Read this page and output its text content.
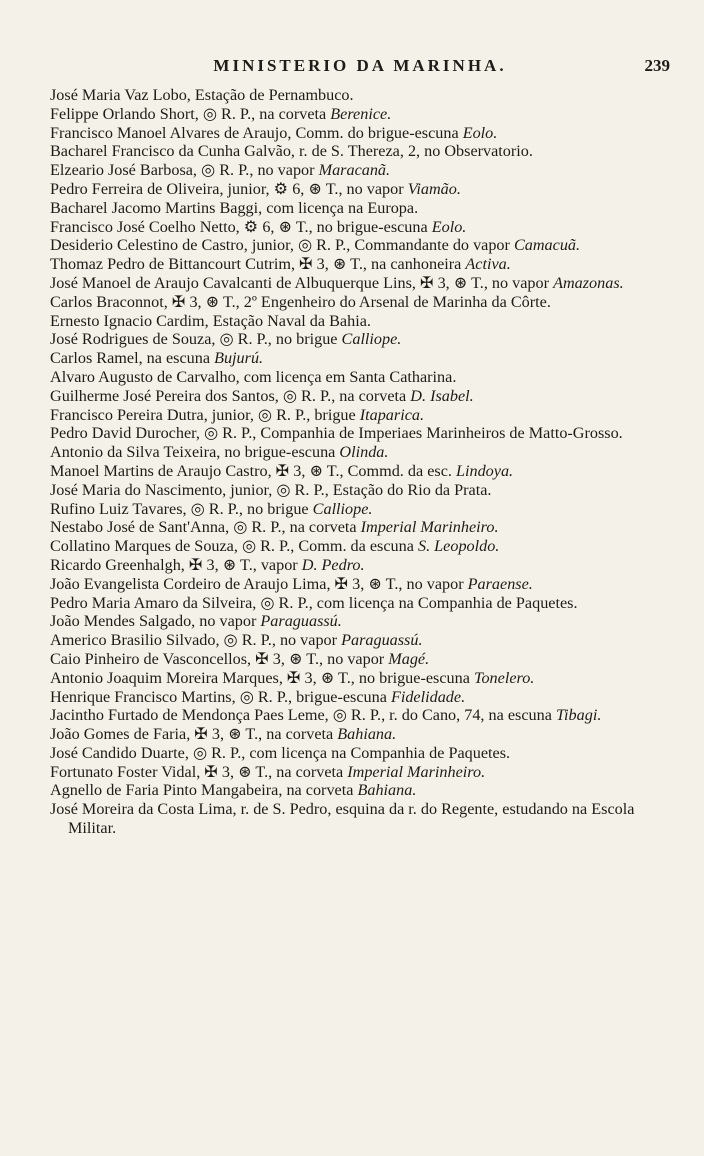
MINISTERIO DA MARINHA.	239
José Maria Vaz Lobo, Estação de Pernambuco.
Felippe Orlando Short, ◎ R. P., na corveta Berenice.
Francisco Manoel Alvares de Araujo, Comm. do brigue-escuna Eolo.
Bacharel Francisco da Cunha Galvão, r. de S. Thereza, 2, no Observatorio.
Elzeario José Barbosa, ◎ R. P., no vapor Maracanã.
Pedro Ferreira de Oliveira, junior, ⚙ 6, ⊛ T., no vapor Viamão.
Bacharel Jacomo Martins Baggi, com licença na Europa.
Francisco José Coelho Netto, ⚙ 6, ⊛ T., no brigue-escuna Eolo.
Desiderio Celestino de Castro, junior, ◎ R. P., Commandante do vapor Camacuã.
Thomaz Pedro de Bittancourt Cutrim, ✠ 3, ⊛ T., na canhoneira Activa.
José Manoel de Araujo Cavalcanti de Albuquerque Lins, ✠ 3, ⊛ T., no vapor Amazonas.
Carlos Braconnot, ✠ 3, ⊛ T., 2º Engenheiro do Arsenal de Marinha da Côrte.
Ernesto Ignacio Cardim, Estação Naval da Bahia.
José Rodrigues de Souza, ◎ R. P., no brigue Calliope.
Carlos Ramel, na escuna Bujurú.
Alvaro Augusto de Carvalho, com licença em Santa Catharina.
Guilherme José Pereira dos Santos, ◎ R. P., na corveta D. Isabel.
Francisco Pereira Dutra, junior, ◎ R. P., brigue Itaparica.
Pedro David Durocher, ◎ R. P., Companhia de Imperiaes Marinheiros de Matto-Grosso.
Antonio da Silva Teixeira, no brigue-escuna Olinda.
Manoel Martins de Araujo Castro, ✠ 3, ⊛ T., Commd. da esc. Lindoya.
José Maria do Nascimento, junior, ◎ R. P., Estação do Rio da Prata.
Rufino Luiz Tavares, ◎ R. P., no brigue Calliope.
Nestabo José de Sant'Anna, ◎ R. P., na corveta Imperial Marinheiro.
Collatino Marques de Souza, ◎ R. P., Comm. da escuna S. Leopoldo.
Ricardo Greenhalgh, ✠ 3, ⊛ T., vapor D. Pedro.
João Evangelista Cordeiro de Araujo Lima, ✠ 3, ⊛ T., no vapor Paraense.
Pedro Maria Amaro da Silveira, ◎ R. P., com licença na Companhia de Paquetes.
João Mendes Salgado, no vapor Paraguassú.
Americo Brasilio Silvado, ◎ R. P., no vapor Paraguassú.
Caio Pinheiro de Vasconcellos, ✠ 3, ⊛ T., no vapor Magé.
Antonio Joaquim Moreira Marques, ✠ 3, ⊛ T., no brigue-escuna Tonelero.
Henrique Francisco Martins, ◎ R. P., brigue-escuna Fidelidade.
Jacintho Furtado de Mendonça Paes Leme, ◎ R. P., r. do Cano, 74, na escuna Tibagi.
João Gomes de Faria, ✠ 3, ⊛ T., na corveta Bahiana.
José Candido Duarte, ◎ R. P., com licença na Companhia de Paquetes.
Fortunato Foster Vidal, ✠ 3, ⊛ T., na corveta Imperial Marinheiro.
Agnello de Faria Pinto Mangabeira, na corveta Bahiana.
José Moreira da Costa Lima, r. de S. Pedro, esquina da r. do Regente, estudando na Escola Militar.
